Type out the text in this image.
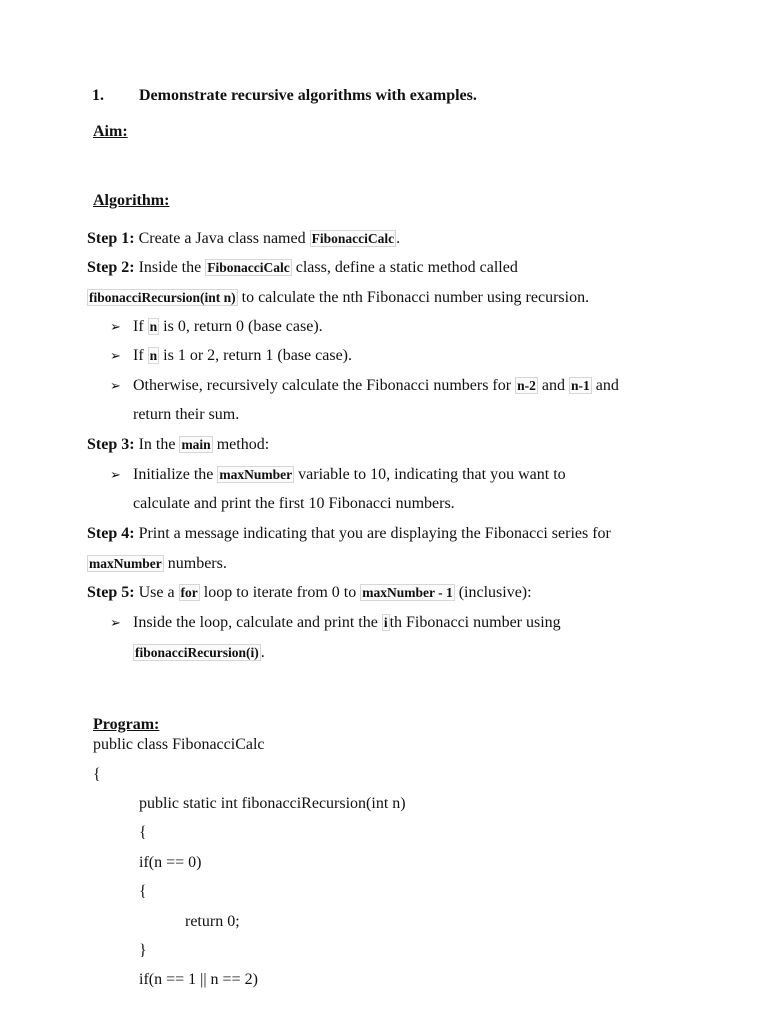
1. Demonstrate recursive algorithms with examples.
Aim:
Algorithm:
Step 1: Create a Java class named FibonacciCalc .
Step 2: Inside the FibonacciCalc class, define a static method called
fibonacciRecursion(int n) to calculate the nth Fibonacci number using recursion.
➢ If n is 0, return 0 (base case).
➢ If n is 1 or 2, return 1 (base case).
➢ Otherwise, recursively calculate the Fibonacci numbers for n-2 and n-1 and
return their sum.
Step 3: In the main method:
➢ Initialize the maxNumber variable to 10, indicating that you want to
calculate and print the first 10 Fibonacci numbers.
Step 4: Print a message indicating that you are displaying the Fibonacci series for
maxNumber numbers.
Step 5: Use a for loop to iterate from 0 to maxNumber - 1 (inclusive):
➢ Inside the loop, calculate and print the i th Fibonacci number using
fibonacciRecursion(i) .
Program:
public class FibonacciCalc
{
public static int fibonacciRecursion(int n)
{
if(n == 0)
{
return 0;
}
if(n == 1 || n == 2)
